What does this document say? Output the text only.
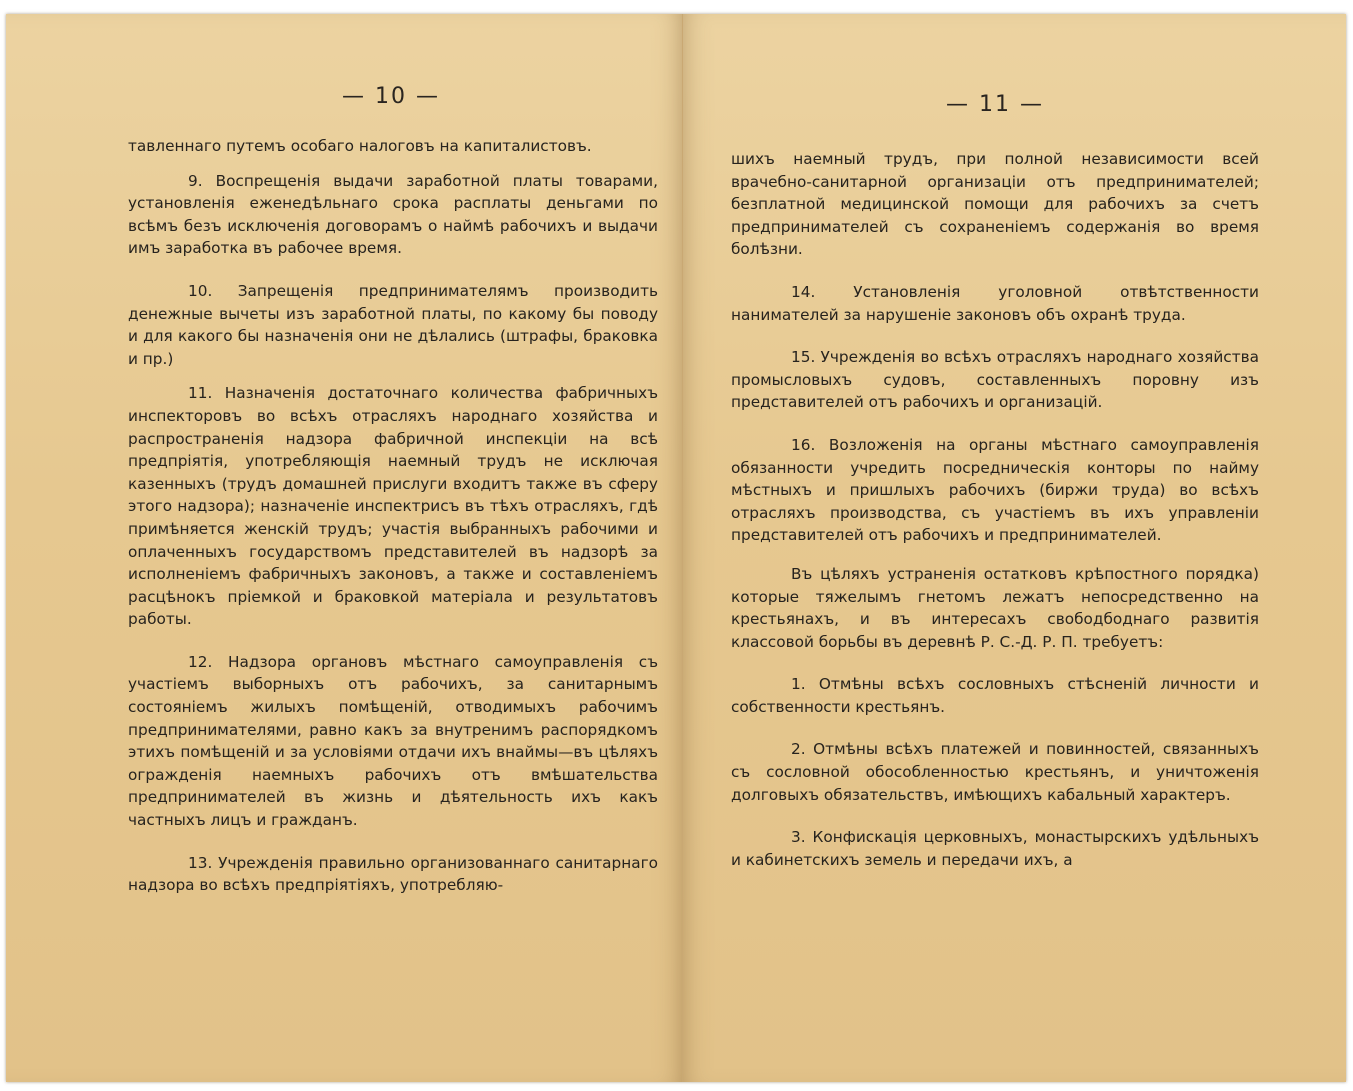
— 10 —

тавленнаго путемъ особаго налоговъ на капиталистовъ.

9. Воспрещенія выдачи заработной платы товарами, установленія еженедѣльнаго срока расплаты деньгами по всѣмъ безъ исключенія договорамъ о наймѣ рабочихъ и выдачи имъ заработка въ рабочее время.

10. Запрещенія предпринимателямъ производить денежные вычеты изъ заработной платы, по какому бы поводу и для какого бы назначенія они не дѣлались (штрафы, браковка и пр.)

11. Назначенія достаточнаго количества фабричныхъ инспекторовъ во всѣхъ отрасляхъ народнаго хозяйства и распространенія надзора фабричной инспекціи на всѣ предпріятія, употребляющія наемный трудъ не исключая казенныхъ (трудъ домашней прислуги входитъ также въ сферу этого надзора); назначеніе инспектрисъ въ тѣхъ отрасляхъ, гдѣ примѣняется женскій трудъ; участія выбранныхъ рабочими и оплаченныхъ государствомъ представителей въ надзорѣ за исполненіемъ фабричныхъ законовъ, а также и составленіемъ расцѣнокъ пріемкой и браковкой матеріала и результатовъ работы.

12. Надзора органовъ мѣстнаго самоуправленія съ участіемъ выборныхъ отъ рабочихъ, за санитарнымъ состояніемъ жилыхъ помѣщеній, отводимыхъ рабочимъ предпринимателями, равно какъ за внутренимъ распорядкомъ этихъ помѣщеній и за условіями отдачи ихъ внаймы—въ цѣляхъ огражденія наемныхъ рабочихъ отъ вмѣшательства предпринимателей въ жизнь и дѣятельность ихъ какъ частныхъ лицъ и гражданъ.

13. Учрежденія правильно организованнаго санитарнаго надзора во всѣхъ предпріятіяхъ, употребляю-

— 11 —

шихъ наемный трудъ, при полной независимости всей врачебно-санитарной организаціи отъ предпринимателей; безплатной медицинской помощи для рабочихъ за счетъ предпринимателей съ сохраненіемъ содержанія во время болѣзни.

14. Установленія уголовной отвѣтственности нанимателей за нарушеніе законовъ объ охранѣ труда.

15. Учрежденія во всѣхъ отрасляхъ народнаго хозяйства промысловыхъ судовъ, составленныхъ поровну изъ представителей отъ рабочихъ и организацій.

16. Возложенія на органы мѣстнаго самоуправленія обязанности учредить посредническія конторы по найму мѣстныхъ и пришлыхъ рабочихъ (биржи труда) во всѣхъ отрасляхъ производства, съ участіемъ въ ихъ управленіи представителей отъ рабочихъ и предпринимателей.

Въ цѣляхъ устраненія остатковъ крѣпостного порядка) которые тяжелымъ гнетомъ лежатъ непосредственно на крестьянахъ, и въ интересахъ свободбоднаго развитія классовой борьбы въ деревнѣ Р. С.-Д. Р. П. требуетъ:

1. Отмѣны всѣхъ сословныхъ стѣсненій личности и собственности крестьянъ.

2. Отмѣны всѣхъ платежей и повинностей, связанныхъ съ сословной обособленностью крестьянъ, и уничтоженія долговыхъ обязательствъ, имѣющихъ кабальный характеръ.

3. Конфискація церковныхъ, монастырскихъ удѣльныхъ и кабинетскихъ земель и передачи ихъ, а
